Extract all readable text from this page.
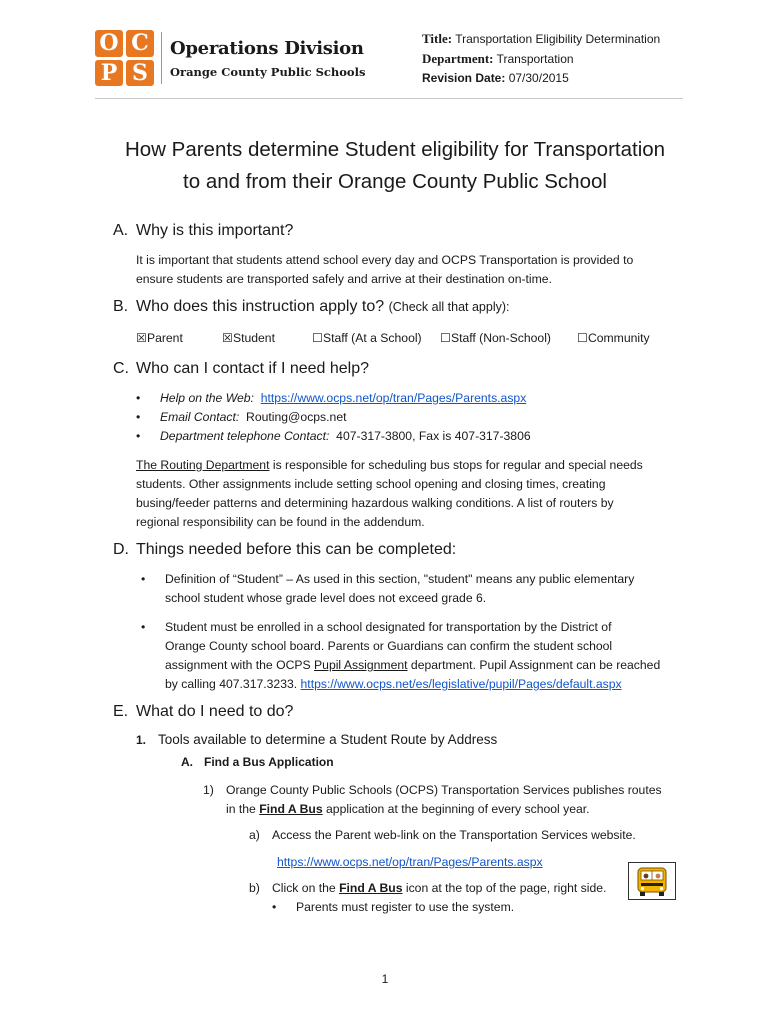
O C
P S
Operations Division
Orange County Public Schools
Title: Transportation Eligibility Determination
Department: Transportation
Revision Date: 07/30/2015
How Parents determine Student eligibility for Transportation
to and from their Orange County Public School
A. Why is this important?
It is important that students attend school every day and OCPS Transportation is provided to
ensure students are transported safely and arrive at their destination on-time.
B. Who does this instruction apply to? (Check all that apply):
☒Parent	☒Student	☐Staff (At a School)	☐Staff (Non-School)	☐Community
C. Who can I contact if I need help?
• Help on the Web: https://www.ocps.net/op/tran/Pages/Parents.aspx
• Email Contact: Routing@ocps.net
• Department telephone Contact: 407-317-3800, Fax is 407-317-3806
The Routing Department is responsible for scheduling bus stops for regular and special needs
students. Other assignments include setting school opening and closing times, creating
busing/feeder patterns and determining hazardous walking conditions. A list of routers by
regional responsibility can be found in the addendum.
D. Things needed before this can be completed:
• Definition of “Student” – As used in this section, "student" means any public elementary
school student whose grade level does not exceed grade 6.
• Student must be enrolled in a school designated for transportation by the District of
Orange County school board. Parents or Guardians can confirm the student school
assignment with the OCPS Pupil Assignment department. Pupil Assignment can be reached
by calling 407.317.3233. https://www.ocps.net/es/legislative/pupil/Pages/default.aspx
E. What do I need to do?
1. Tools available to determine a Student Route by Address
A. Find a Bus Application
1) Orange County Public Schools (OCPS) Transportation Services publishes routes
in the Find A Bus application at the beginning of every school year.
a) Access the Parent web-link on the Transportation Services website.
https://www.ocps.net/op/tran/Pages/Parents.aspx
b) Click on the Find A Bus icon at the top of the page, right side.
• Parents must register to use the system.
1
